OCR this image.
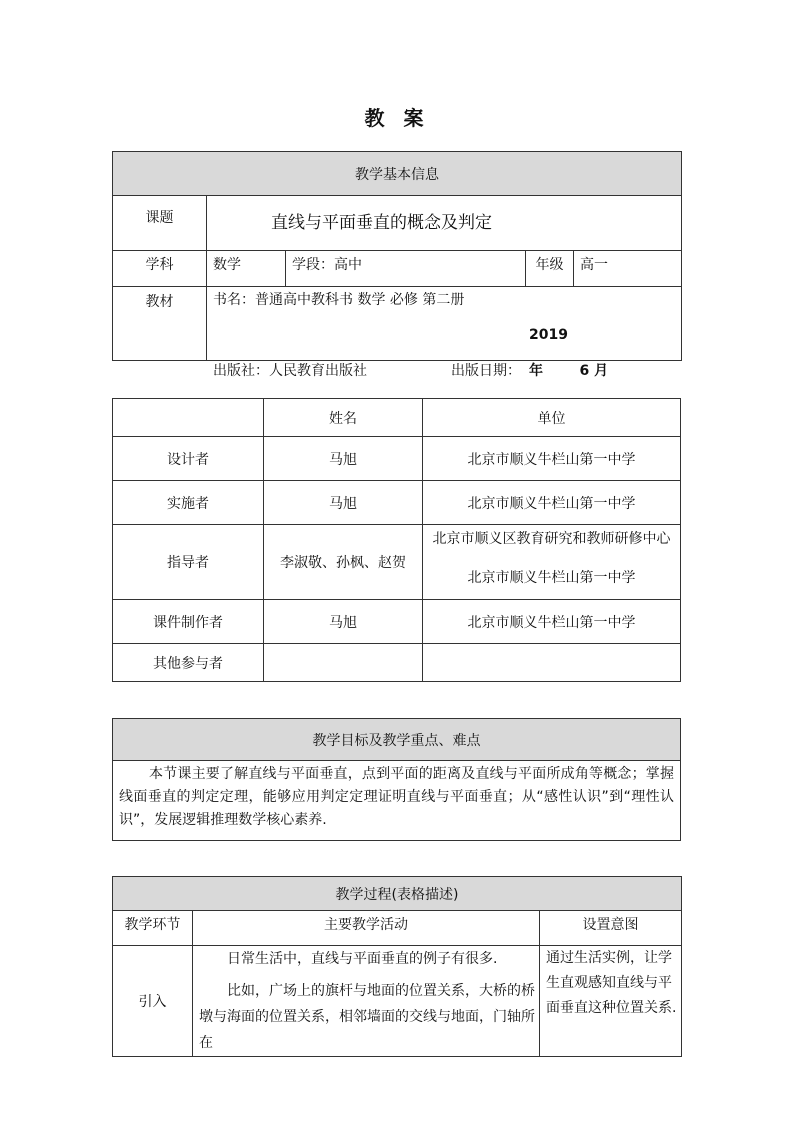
教 案
教学基本信息				
课题	直线与平面垂直的概念及判定			
学科	数学	学段：高中	年级	高一
教材	书名：普通高中教科书 数学 必修 第二册
出版社：人民教育出版社 出版日期：2019年 6 月			
	姓名	单位
设计者	马旭	北京市顺义牛栏山第一中学
实施者	马旭	北京市顺义牛栏山第一中学
指导者	李淑敬、孙枫、赵贺	北京市顺义区教育研究和教师研修中心
北京市顺义牛栏山第一中学

课件制作者	马旭	北京市顺义牛栏山第一中学
其他参与者		
教学目标及教学重点、难点
本节课主要了解直线与平面垂直，点到平面的距离及直线与平面所成角等概念；掌握线面垂直的判定定理，能够应用判定定理证明直线与平面垂直；从“感性认识”到“理性认识”，发展逻辑推理数学核心素养.
教学过程(表格描述)		
教学环节	主要教学活动	设置意图
引入	日常生活中，直线与平面垂直的例子有很多.

比如，广场上的旗杆与地面的位置关系，大桥的桥墩与海面的位置关系，相邻墙面的交线与地面，门轴所在	通过生活实例，让学生直观感知直线与平面垂直这种位置关系.
